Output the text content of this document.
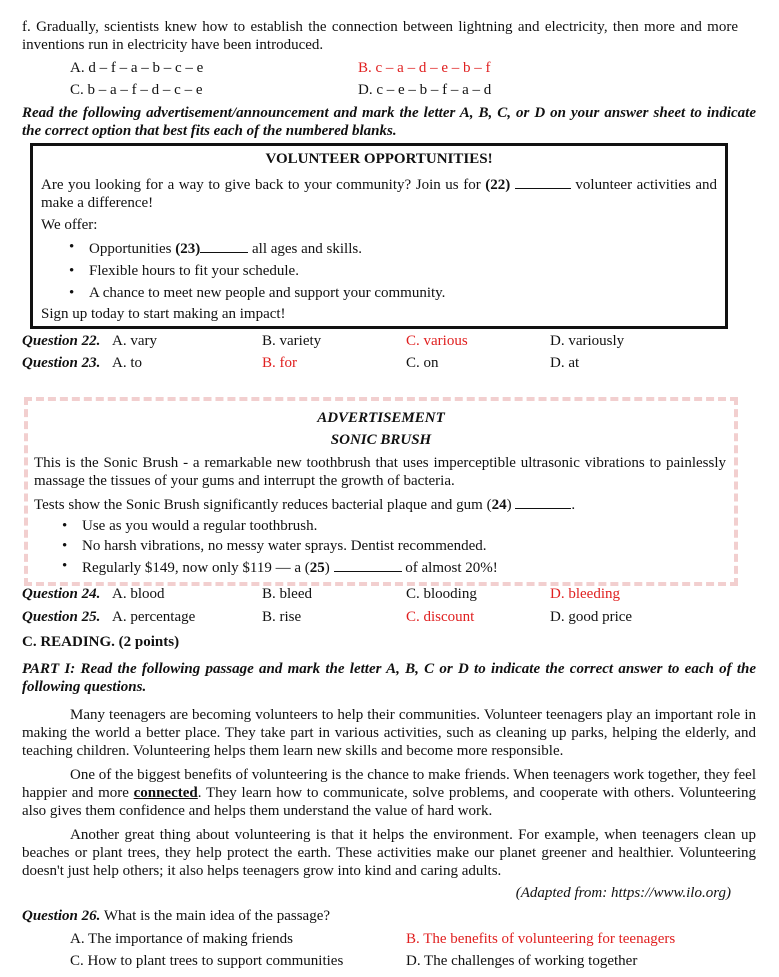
f. Gradually, scientists knew how to establish the connection between lightning and electricity, then more and more inventions run in electricity have been introduced.
A. d – f – a – b – c – e	B. c – a – d – e – b – f
C. b – a – f – d – c – e	D. c – e – b – f – a – d
Read the following advertisement/announcement and mark the letter A, B, C, or D on your answer sheet to indicate the correct option that best fits each of the numbered blanks.
VOLUNTEER OPPORTUNITIES!
Are you looking for a way to give back to your community? Join us for (22)	volunteer activities and make a difference!
We offer:
• Opportunities (23)	all ages and skills.
• Flexible hours to fit your schedule.
• A chance to meet new people and support your community.
Sign up today to start making an impact!
Question 22. A. vary	B. variety	C. various	D. variously
Question 23. A. to	B. for	C. on	D. at
ADVERTISEMENT
SONIC BRUSH
This is the Sonic Brush - a remarkable new toothbrush that uses imperceptible ultrasonic vibrations to painlessly massage the tissues of your gums and interrupt the growth of bacteria.
Tests show the Sonic Brush significantly reduces bacterial plaque and gum (24)	.
• Use as you would a regular toothbrush.
• No harsh vibrations, no messy water sprays. Dentist recommended.
• Regularly $149, now only $119 — a (25)	of almost 20%!
Question 24. A. blood	B. bleed	C. blooding	D. bleeding
Question 25. A. percentage	B. rise	C. discount	D. good price
C. READING. (2 points)
PART I: Read the following passage and mark the letter A, B, C or D to indicate the correct answer to each of the following questions.
Many teenagers are becoming volunteers to help their communities. Volunteer teenagers play an important role in making the world a better place. They take part in various activities, such as cleaning up parks, helping the elderly, and teaching children. Volunteering helps them learn new skills and become more responsible.
One of the biggest benefits of volunteering is the chance to make friends. When teenagers work together, they feel happier and more connected. They learn how to communicate, solve problems, and cooperate with others. Volunteering also gives them confidence and helps them understand the value of hard work.
Another great thing about volunteering is that it helps the environment. For example, when teenagers clean up beaches or plant trees, they help protect the earth. These activities make our planet greener and healthier. Volunteering doesn't just help others; it also helps teenagers grow into kind and caring adults.
(Adapted from: https://www.ilo.org)
Question 26. What is the main idea of the passage?
A. The importance of making friends	B. The benefits of volunteering for teenagers
C. How to plant trees to support communities	D. The challenges of working together
